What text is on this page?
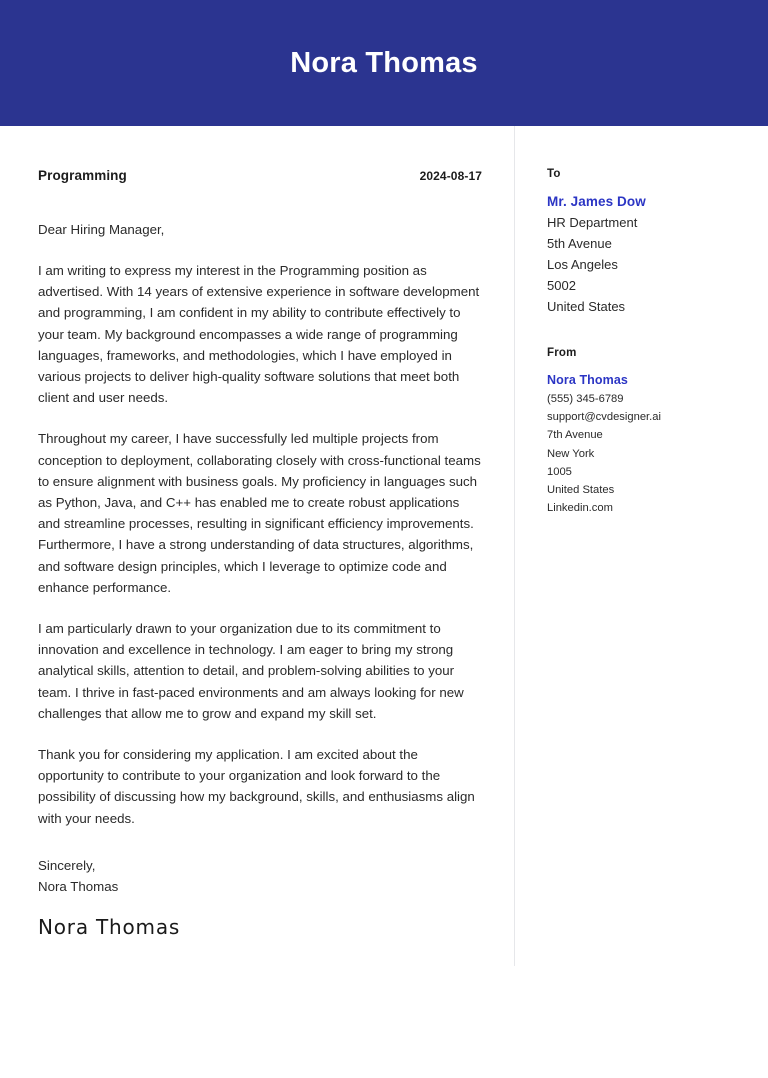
Nora Thomas
Programming	2024-08-17
Dear Hiring Manager,
I am writing to express my interest in the Programming position as advertised. With 14 years of extensive experience in software development and programming, I am confident in my ability to contribute effectively to your team. My background encompasses a wide range of programming languages, frameworks, and methodologies, which I have employed in various projects to deliver high-quality software solutions that meet both client and user needs.
Throughout my career, I have successfully led multiple projects from conception to deployment, collaborating closely with cross-functional teams to ensure alignment with business goals. My proficiency in languages such as Python, Java, and C++ has enabled me to create robust applications and streamline processes, resulting in significant efficiency improvements. Furthermore, I have a strong understanding of data structures, algorithms, and software design principles, which I leverage to optimize code and enhance performance.
I am particularly drawn to your organization due to its commitment to innovation and excellence in technology. I am eager to bring my strong analytical skills, attention to detail, and problem-solving abilities to your team. I thrive in fast-paced environments and am always looking for new challenges that allow me to grow and expand my skill set.
Thank you for considering my application. I am excited about the opportunity to contribute to your organization and look forward to the possibility of discussing how my background, skills, and enthusiasms align with your needs.
Sincerely,
Nora Thomas
Nora Thomas
To
Mr. James Dow
HR Department
5th Avenue
Los Angeles
5002
United States
From
Nora Thomas
(555) 345-6789
support@cvdesigner.ai
7th Avenue
New York
1005
United States
Linkedin.com
